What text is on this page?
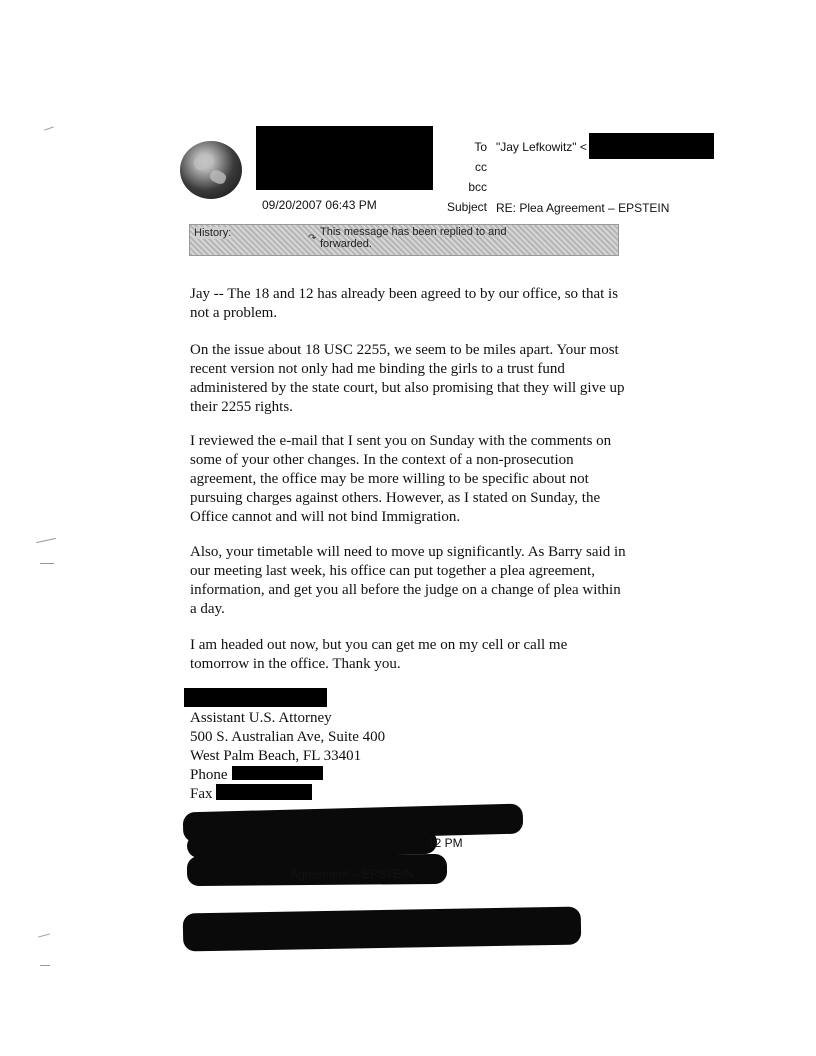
09/20/2007 06:43 PM
To
cc
bcc
Subject
"Jay Lefkowitz" <
RE: Plea Agreement – EPSTEIN
History:	↷
This message has been replied to and forwarded.

Jay -- The 18 and 12 has already been agreed to by our office, so that is not a problem.

On the issue about 18 USC 2255, we seem to be miles apart. Your most recent version not only had me binding the girls to a trust fund administered by the state court, but also promising that they will give up their 2255 rights.

I reviewed the e-mail that I sent you on Sunday with the comments on some of your other changes. In the context of a non-prosecution agreement, the office may be more willing to be specific about not pursuing charges against others. However, as I stated on Sunday, the Office cannot and will not bind Immigration.

Also, your timetable will need to move up significantly. As Barry said in our meeting last week, his office can put together a plea agreement, information, and get you all before the judge on a change of plea within a day.

I am headed out now, but you can get me on my cell or call me tomorrow in the office. Thank you.

Assistant U.S. Attorney
500 S. Australian Ave, Suite 400
West Palm Beach, FL 33401
Phone
Fax
12 PM
Agreement – EPSTEIN
